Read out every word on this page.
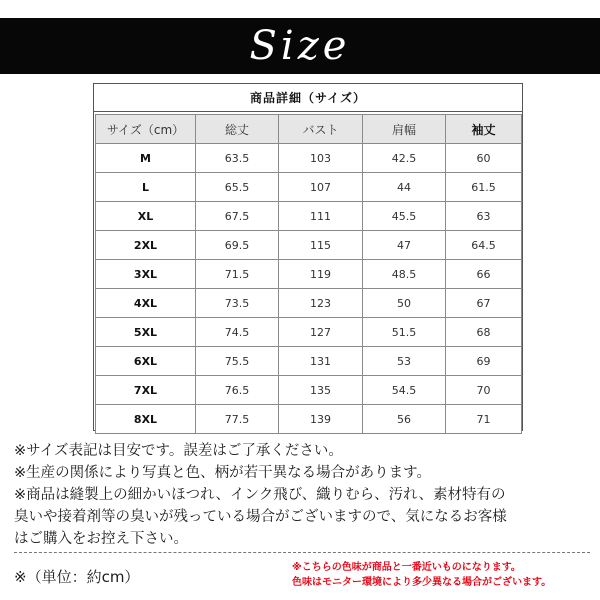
Size
商品詳細（サイズ）
サイズ（cm）	総丈	バスト	肩幅	袖丈
M	63.5	103	42.5	60
L	65.5	107	44	61.5
XL	67.5	111	45.5	63
2XL	69.5	115	47	64.5
3XL	71.5	119	48.5	66
4XL	73.5	123	50	67
5XL	74.5	127	51.5	68
6XL	75.5	131	53	69
7XL	76.5	135	54.5	70
8XL	77.5	139	56	71
※サイズ表記は目安です。誤差はご了承ください。
※生産の関係により写真と色、柄が若干異なる場合があります。
※商品は縫製上の細かいほつれ、インク飛び、織りむら、汚れ、素材特有の
臭いや接着剤等の臭いが残っている場合がございますので、気になるお客様
はご購入をお控え下さい。
※（単位：約cm）
※こちらの色味が商品と一番近いものになります。
色味はモニター環境により多少異なる場合がございます。
